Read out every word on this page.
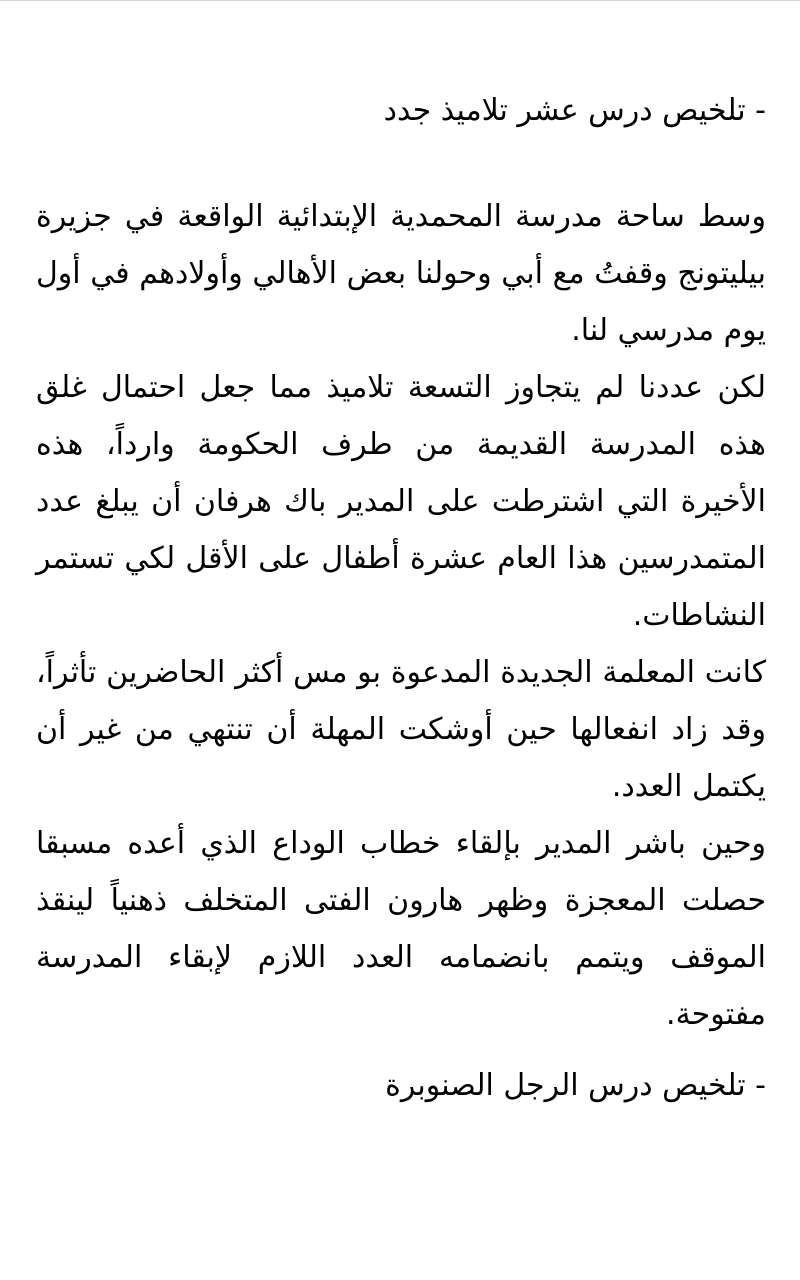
- تلخيص درس عشر تلاميذ جدد

وسط ساحة مدرسة المحمدية الإبتدائية الواقعة في جزيرة بيليتونج وقفتُ مع أبي وحولنا بعض الأهالي وأولادهم في أول يوم مدرسي لنا.

لكن عددنا لم يتجاوز التسعة تلاميذ مما جعل احتمال غلق هذه المدرسة القديمة من طرف الحكومة وارداً، هذه الأخيرة التي اشترطت على المدير باك هرفان أن يبلغ عدد المتمدرسين هذا العام عشرة أطفال على الأقل لكي تستمر النشاطات.

كانت المعلمة الجديدة المدعوة بو مس أكثر الحاضرين تأثراً، وقد زاد انفعالها حين أوشكت المهلة أن تنتهي من غير أن يكتمل العدد.

وحين باشر المدير بإلقاء خطاب الوداع الذي أعده مسبقا حصلت المعجزة وظهر هارون الفتى المتخلف ذهنياً لينقذ الموقف ويتمم بانضمامه العدد اللازم لإبقاء المدرسة مفتوحة.

- تلخيص درس الرجل الصنوبرة
